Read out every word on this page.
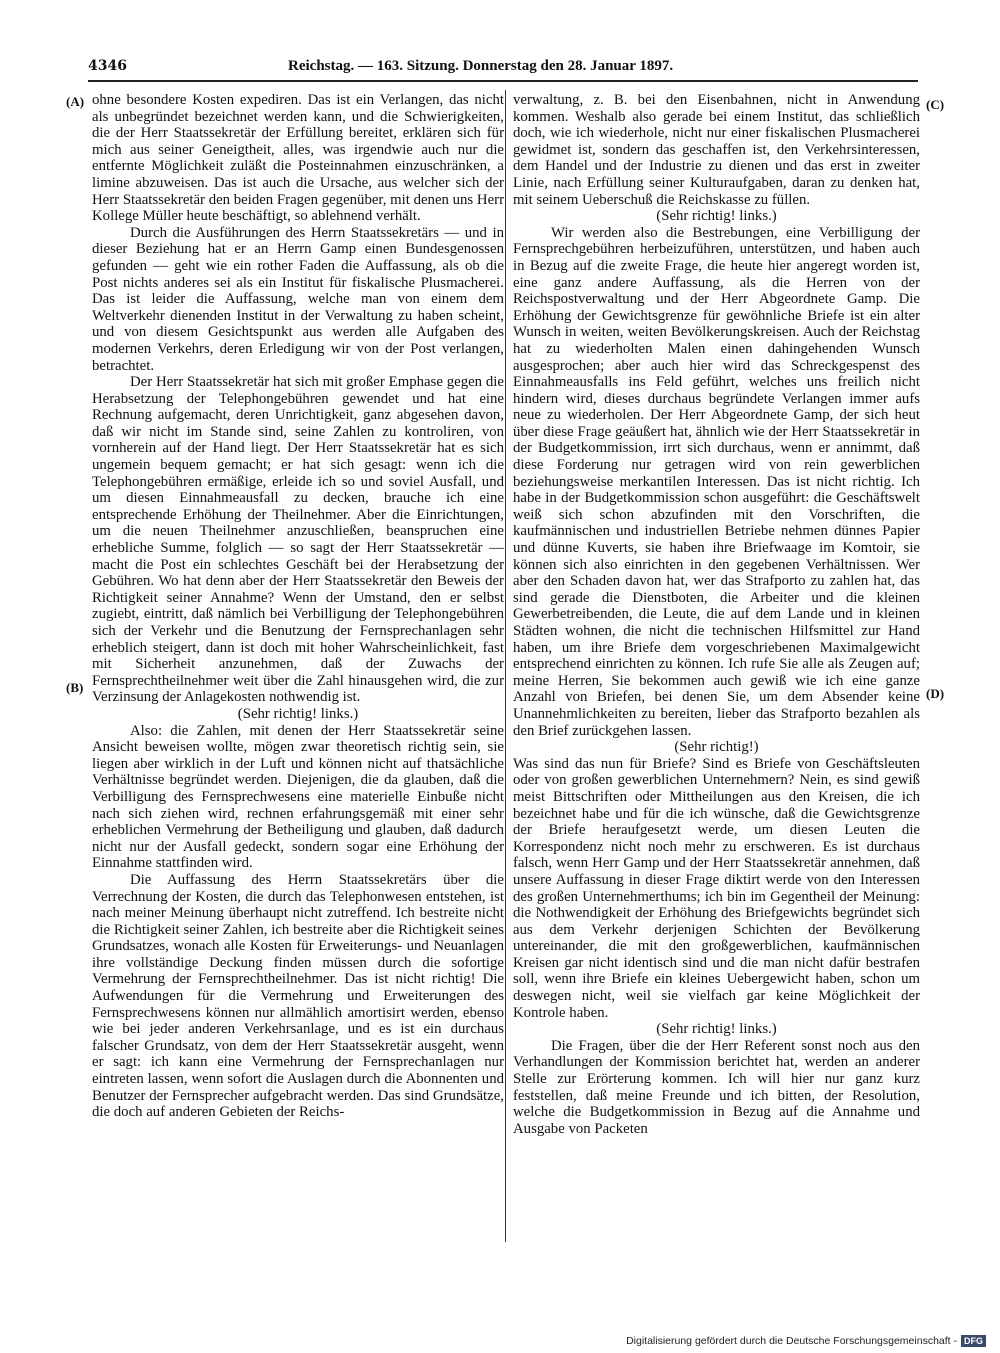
4346	Reichstag. — 163. Sitzung. Donnerstag den 28. Januar 1897.
(A)
(B)
(C)
(D)

ohne besondere Kosten expediren. Das ist ein Verlangen, das nicht als unbegründet bezeichnet werden kann, und die Schwierigkeiten, die der Herr Staatssekretär der Erfüllung bereitet, erklären sich für mich aus seiner Geneigtheit, alles, was irgendwie auch nur die entfernte Möglichkeit zuläßt die Posteinnahmen einzuschränken, a limine abzuweisen. Das ist auch die Ursache, aus welcher sich der Herr Staatssekretär den beiden Fragen gegenüber, mit denen uns Herr Kollege Müller heute beschäftigt, so ablehnend verhält.

Durch die Ausführungen des Herrn Staatssekretärs — und in dieser Beziehung hat er an Herrn Gamp einen Bundesgenossen gefunden — geht wie ein rother Faden die Auffassung, als ob die Post nichts anderes sei als ein Institut für fiskalische Plusmacherei. Das ist leider die Auffassung, welche man von einem dem Weltverkehr dienenden Institut in der Verwaltung zu haben scheint, und von diesem Gesichtspunkt aus werden alle Aufgaben des modernen Verkehrs, deren Erledigung wir von der Post verlangen, betrachtet.

Der Herr Staatssekretär hat sich mit großer Emphase gegen die Herabsetzung der Telephongebühren gewendet und hat eine Rechnung aufgemacht, deren Unrichtigkeit, ganz abgesehen davon, daß wir nicht im Stande sind, seine Zahlen zu kontroliren, von vornherein auf der Hand liegt. Der Herr Staatssekretär hat es sich ungemein bequem gemacht; er hat sich gesagt: wenn ich die Telephongebühren ermäßige, erleide ich so und soviel Ausfall, und um diesen Einnahmeausfall zu decken, brauche ich eine entsprechende Erhöhung der Theilnehmer. Aber die Einrichtungen, um die neuen Theilnehmer anzuschließen, beanspruchen eine erhebliche Summe, folglich — so sagt der Herr Staatssekretär — macht die Post ein schlechtes Geschäft bei der Herabsetzung der Gebühren. Wo hat denn aber der Herr Staatssekretär den Beweis der Richtigkeit seiner Annahme? Wenn der Umstand, den er selbst zugiebt, eintritt, daß nämlich bei Verbilligung der Telephongebühren sich der Verkehr und die Benutzung der Fernsprechanlagen sehr erheblich steigert, dann ist doch mit hoher Wahrscheinlichkeit, fast mit Sicherheit anzunehmen, daß der Zuwachs der Fernsprechtheilnehmer weit über die Zahl hinausgehen wird, die zur Verzinsung der Anlagekosten nothwendig ist.

(Sehr richtig! links.)

Also: die Zahlen, mit denen der Herr Staatssekretär seine Ansicht beweisen wollte, mögen zwar theoretisch richtig sein, sie liegen aber wirklich in der Luft und können nicht auf thatsächliche Verhältnisse begründet werden. Diejenigen, die da glauben, daß die Verbilligung des Fernsprechwesens eine materielle Einbuße nicht nach sich ziehen wird, rechnen erfahrungsgemäß mit einer sehr erheblichen Vermehrung der Betheiligung und glauben, daß dadurch nicht nur der Ausfall gedeckt, sondern sogar eine Erhöhung der Einnahme stattfinden wird.

Die Auffassung des Herrn Staatssekretärs über die Verrechnung der Kosten, die durch das Telephonwesen entstehen, ist nach meiner Meinung überhaupt nicht zutreffend. Ich bestreite nicht die Richtigkeit seiner Zahlen, ich bestreite aber die Richtigkeit seines Grundsatzes, wonach alle Kosten für Erweiterungs- und Neuanlagen ihre vollständige Deckung finden müssen durch die sofortige Vermehrung der Fernsprechtheilnehmer. Das ist nicht richtig! Die Aufwendungen für die Vermehrung und Erweiterungen des Fernsprechwesens können nur allmählich amortisirt werden, ebenso wie bei jeder anderen Verkehrsanlage, und es ist ein durchaus falscher Grundsatz, von dem der Herr Staatssekretär ausgeht, wenn er sagt: ich kann eine Vermehrung der Fernsprechanlagen nur eintreten lassen, wenn sofort die Auslagen durch die Abonnenten und Benutzer der Fernsprecher aufgebracht werden. Das sind Grundsätze, die doch auf anderen Gebieten der Reichs-

verwaltung, z. B. bei den Eisenbahnen, nicht in Anwendung kommen. Weshalb also gerade bei einem Institut, das schließlich doch, wie ich wiederhole, nicht nur einer fiskalischen Plusmacherei gewidmet ist, sondern das geschaffen ist, den Verkehrsinteressen, dem Handel und der Industrie zu dienen und das erst in zweiter Linie, nach Erfüllung seiner Kulturaufgaben, daran zu denken hat, mit seinem Ueberschuß die Reichskasse zu füllen.

(Sehr richtig! links.)

Wir werden also die Bestrebungen, eine Verbilligung der Fernsprechgebühren herbeizuführen, unterstützen, und haben auch in Bezug auf die zweite Frage, die heute hier angeregt worden ist, eine ganz andere Auffassung, als die Herren von der Reichspostverwaltung und der Herr Abgeordnete Gamp. Die Erhöhung der Gewichtsgrenze für gewöhnliche Briefe ist ein alter Wunsch in weiten, weiten Bevölkerungskreisen. Auch der Reichstag hat zu wiederholten Malen einen dahingehenden Wunsch ausgesprochen; aber auch hier wird das Schreckgespenst des Einnahmeausfalls ins Feld geführt, welches uns freilich nicht hindern wird, dieses durchaus begründete Verlangen immer aufs neue zu wiederholen. Der Herr Abgeordnete Gamp, der sich heut über diese Frage geäußert hat, ähnlich wie der Herr Staatssekretär in der Budgetkommission, irrt sich durchaus, wenn er annimmt, daß diese Forderung nur getragen wird von rein gewerblichen beziehungsweise merkantilen Interessen. Das ist nicht richtig. Ich habe in der Budgetkommission schon ausgeführt: die Geschäftswelt weiß sich schon abzufinden mit den Vorschriften, die kaufmännischen und industriellen Betriebe nehmen dünnes Papier und dünne Kuverts, sie haben ihre Briefwaage im Komtoir, sie können sich also einrichten in den gegebenen Verhältnissen. Wer aber den Schaden davon hat, wer das Strafporto zu zahlen hat, das sind gerade die Dienstboten, die Arbeiter und die kleinen Gewerbetreibenden, die Leute, die auf dem Lande und in kleinen Städten wohnen, die nicht die technischen Hilfsmittel zur Hand haben, um ihre Briefe dem vorgeschriebenen Maximalgewicht entsprechend einrichten zu können. Ich rufe Sie alle als Zeugen auf; meine Herren, Sie bekommen auch gewiß wie ich eine ganze Anzahl von Briefen, bei denen Sie, um dem Absender keine Unannehmlichkeiten zu bereiten, lieber das Strafporto bezahlen als den Brief zurückgehen lassen.

(Sehr richtig!)

Was sind das nun für Briefe? Sind es Briefe von Geschäftsleuten oder von großen gewerblichen Unternehmern? Nein, es sind gewiß meist Bittschriften oder Mittheilungen aus den Kreisen, die ich bezeichnet habe und für die ich wünsche, daß die Gewichtsgrenze der Briefe heraufgesetzt werde, um diesen Leuten die Korrespondenz nicht noch mehr zu erschweren. Es ist durchaus falsch, wenn Herr Gamp und der Herr Staatssekretär annehmen, daß unsere Auffassung in dieser Frage diktirt werde von den Interessen des großen Unternehmerthums; ich bin im Gegentheil der Meinung: die Nothwendigkeit der Erhöhung des Briefgewichts begründet sich aus dem Verkehr derjenigen Schichten der Bevölkerung untereinander, die mit den großgewerblichen, kaufmännischen Kreisen gar nicht identisch sind und die man nicht dafür bestrafen soll, wenn ihre Briefe ein kleines Uebergewicht haben, schon um deswegen nicht, weil sie vielfach gar keine Möglichkeit der Kontrole haben.

(Sehr richtig! links.)

Die Fragen, über die der Herr Referent sonst noch aus den Verhandlungen der Kommission berichtet hat, werden an anderer Stelle zur Erörterung kommen. Ich will hier nur ganz kurz feststellen, daß meine Freunde und ich bitten, der Resolution, welche die Budgetkommission in Bezug auf die Annahme und Ausgabe von Packeten

Digitalisierung gefördert durch die Deutsche Forschungsgemeinschaft - DFG
